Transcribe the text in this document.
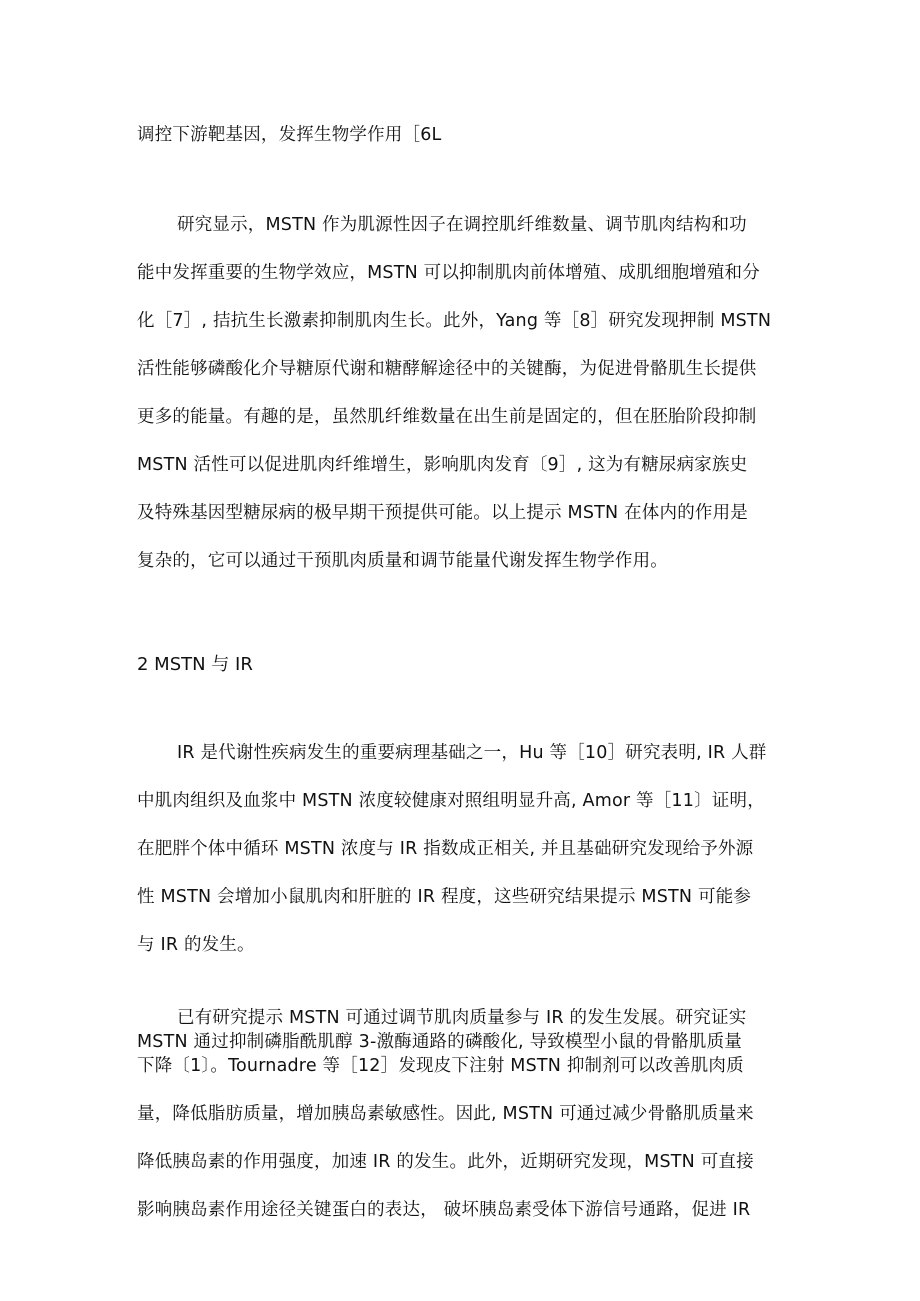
调控下游靶基因，发挥生物学作用［6L
研究显示，MSTN 作为肌源性因子在调控肌纤维数量、调节肌肉结构和功
能中发挥重要的生物学效应，MSTN 可以抑制肌肉前体增殖、成肌细胞增殖和分
化［7］, 拮抗生长激素抑制肌肉生长。此外，Yang 等［8］研究发现押制 MSTN
活性能够磷酸化介导糖原代谢和糖酵解途径中的关键酶，为促进骨骼肌生长提供
更多的能量。有趣的是，虽然肌纤维数量在出生前是固定的，但在胚胎阶段抑制
MSTN 活性可以促进肌肉纤维增生，影响肌肉发育〔9］, 这为有糖尿病家族史
及特殊基因型糖尿病的极早期干预提供可能。以上提示 MSTN 在体内的作用是
复杂的，它可以通过干预肌肉质量和调节能量代谢发挥生物学作用。
2 MSTN 与 IR
IR 是代谢性疾病发生的重要病理基础之一，Hu 等［10］研究表明, IR 人群
中肌肉组织及血浆中 MSTN 浓度较健康对照组明显升高, Amor 等［11〕证明，
在肥胖个体中循环 MSTN 浓度与 IR 指数成正相关, 并且基础研究发现给予外源
性 MSTN 会增加小鼠肌肉和肝脏的 IR 程度，这些研究结果提示 MSTN 可能参
与 IR 的发生。
已有研究提示 MSTN 可通过调节肌肉质量参与 IR 的发生发展。研究证实
MSTN 通过抑制磷脂酰肌醇 3-激酶通路的磷酸化, 导致模型小鼠的骨骼肌质量
下降〔1〕。Tournadre 等［12］发现皮下注射 MSTN 抑制剂可以改善肌肉质
量，降低脂肪质量，增加胰岛素敏感性。因此, MSTN 可通过减少骨骼肌质量来
降低胰岛素的作用强度，加速 IR 的发生。此外，近期研究发现，MSTN 可直接
影响胰岛素作用途径关键蛋白的表达， 破坏胰岛素受体下游信号通路，促进 IR
